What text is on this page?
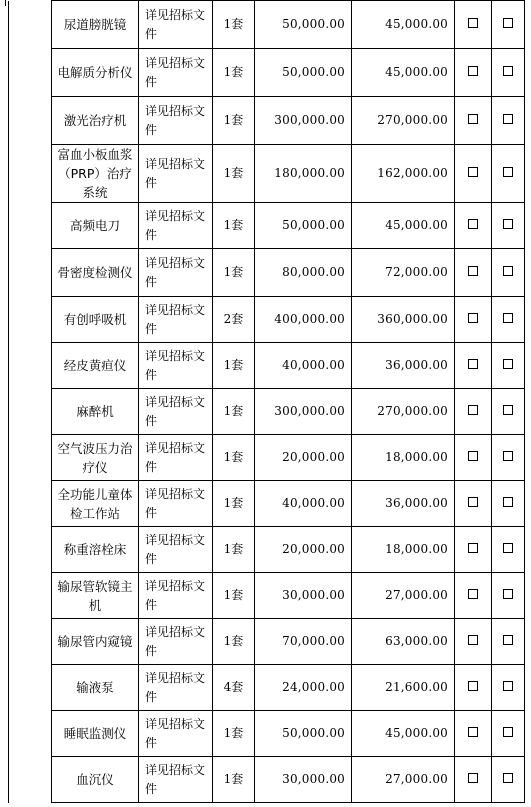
	尿道膀胱镜	详见招标文件	1套	50,000.00	45,000.00		
	电解质分析仪	详见招标文件	1套	50,000.00	45,000.00		
	激光治疗机	详见招标文件	1套	300,000.00	270,000.00		
	富血小板血浆（PRP）治疗系统	详见招标文件	1套	180,000.00	162,000.00		
	高频电刀	详见招标文件	1套	50,000.00	45,000.00		
	骨密度检测仪	详见招标文件	1套	80,000.00	72,000.00		
	有创呼吸机	详见招标文件	2套	400,000.00	360,000.00		
	经皮黄疸仪	详见招标文件	1套	40,000.00	36,000.00		
	麻醉机	详见招标文件	1套	300,000.00	270,000.00		
	空气波压力治疗仪	详见招标文件	1套	20,000.00	18,000.00		
	全功能儿童体检工作站	详见招标文件	1套	40,000.00	36,000.00		
	称重溶栓床	详见招标文件	1套	20,000.00	18,000.00		
	输尿管软镜主机	详见招标文件	1套	30,000.00	27,000.00		
	输尿管内窥镜	详见招标文件	1套	70,000.00	63,000.00		
	输液泵	详见招标文件	4套	24,000.00	21,600.00		
	睡眠监测仪	详见招标文件	1套	50,000.00	45,000.00		
	血沉仪	详见招标文件	1套	30,000.00	27,000.00		
